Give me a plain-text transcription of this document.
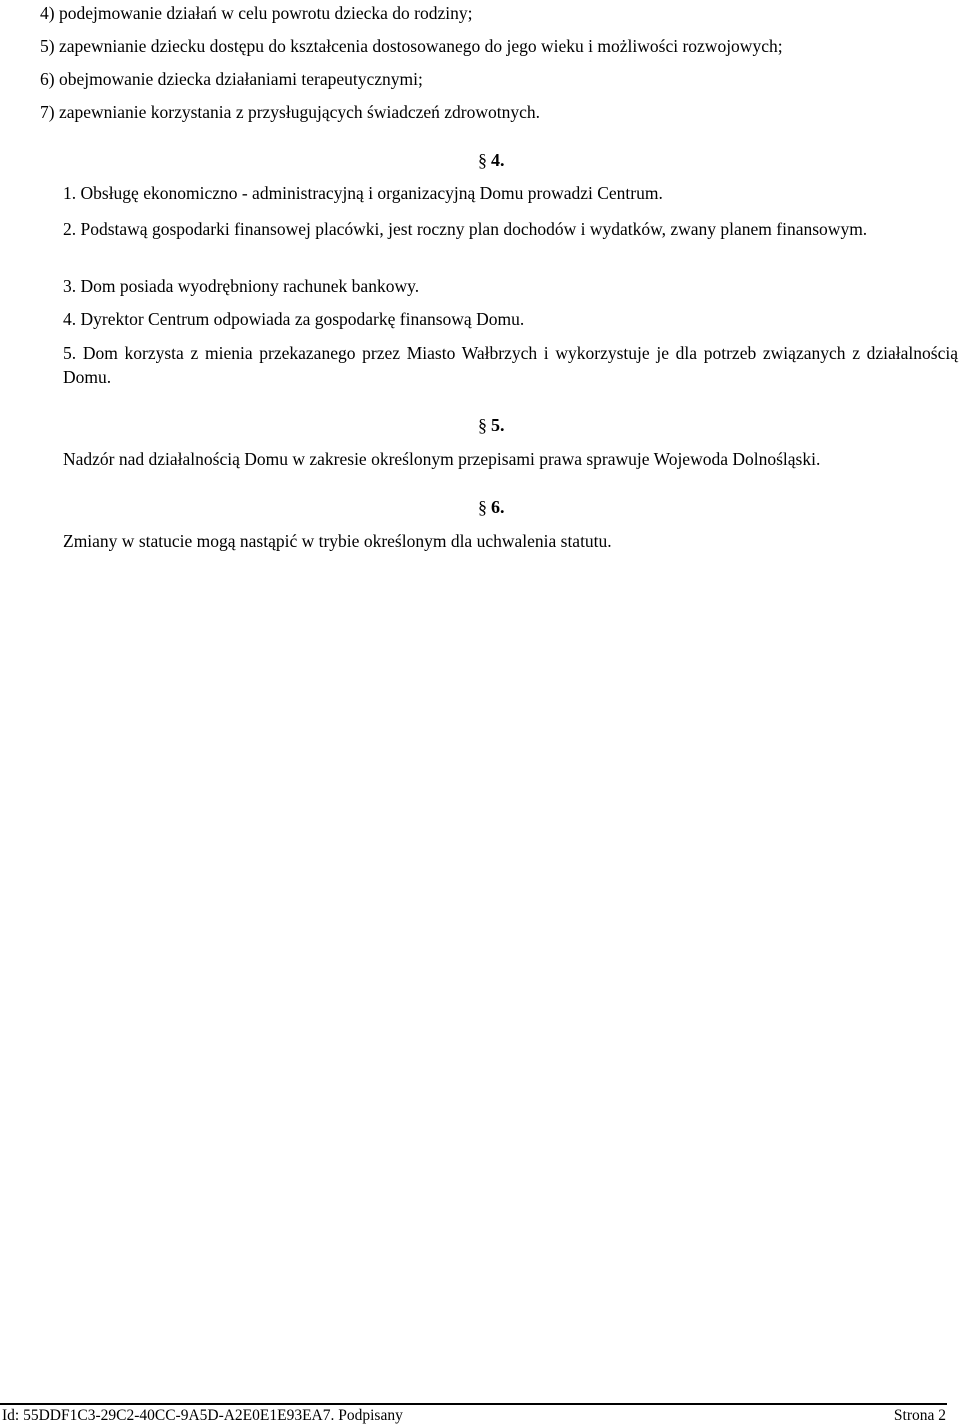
4) podejmowanie działań w celu powrotu dziecka do rodziny;
5) zapewnianie dziecku dostępu do kształcenia dostosowanego do jego wieku i możliwości rozwojowych;
6) obejmowanie dziecka działaniami terapeutycznymi;
7) zapewnianie korzystania z przysługujących świadczeń zdrowotnych.
§ 4.
1. Obsługę ekonomiczno - administracyjną i organizacyjną Domu prowadzi Centrum.
2. Podstawą gospodarki finansowej placówki, jest roczny plan dochodów i wydatków, zwany planem finansowym.
3. Dom posiada wyodrębniony rachunek bankowy.
4. Dyrektor Centrum odpowiada za gospodarkę finansową Domu.
5. Dom korzysta z mienia przekazanego przez Miasto Wałbrzych i wykorzystuje je dla potrzeb związanych z działalnością Domu.
§ 5.
Nadzór nad działalnością Domu w zakresie określonym przepisami prawa sprawuje Wojewoda Dolnośląski.
§ 6.
Zmiany w statucie mogą nastąpić w trybie określonym dla uchwalenia statutu.
Id: 55DDF1C3-29C2-40CC-9A5D-A2E0E1E93EA7. Podpisany	Strona 2
